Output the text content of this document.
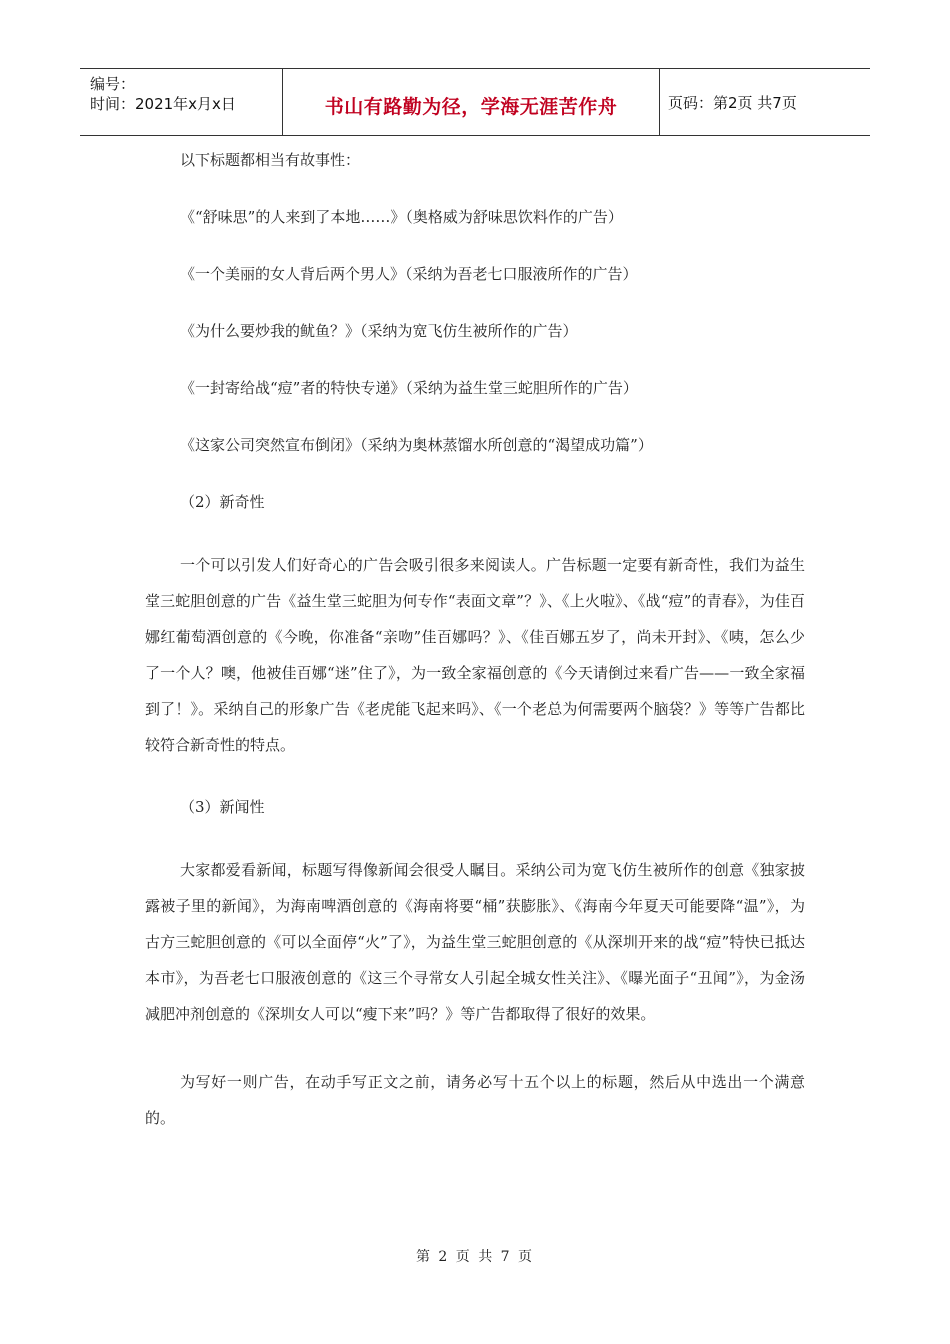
编号：
时间：2021年x月x日	书山有路勤为径，学海无涯苦作舟	页码：第2页 共7页

以下标题都相当有故事性：

《“舒味思”的人来到了本地……》（奥格威为舒味思饮料作的广告）

《一个美丽的女人背后两个男人》（采纳为吾老七口服液所作的广告）

《为什么要炒我的鱿鱼？》（采纳为宽飞仿生被所作的广告）

《一封寄给战“痘”者的特快专递》（采纳为益生堂三蛇胆所作的广告）

《这家公司突然宣布倒闭》（采纳为奥林蒸馏水所创意的“渴望成功篇”）

（2）新奇性

一个可以引发人们好奇心的广告会吸引很多来阅读人。广告标题一定要有新奇性，我们为益生堂三蛇胆创意的广告《益生堂三蛇胆为何专作“表面文章”？》、《上火啦》、《战“痘”的青春》，为佳百娜红葡萄酒创意的《今晚，你准备“亲吻”佳百娜吗？》、《佳百娜五岁了，尚未开封》、《咦，怎么少了一个人？噢，他被佳百娜“迷”住了》，为一致全家福创意的《今天请倒过来看广告——一致全家福到了！》。采纳自己的形象广告《老虎能飞起来吗》、《一个老总为何需要两个脑袋？》等等广告都比较符合新奇性的特点。

（3）新闻性

大家都爱看新闻，标题写得像新闻会很受人瞩目。采纳公司为宽飞仿生被所作的创意《独家披露被子里的新闻》，为海南啤酒创意的《海南将要“桶”获膨胀》、《海南今年夏天可能要降“温”》，为古方三蛇胆创意的《可以全面停“火”了》，为益生堂三蛇胆创意的《从深圳开来的战“痘”特快已抵达本市》，为吾老七口服液创意的《这三个寻常女人引起全城女性关注》、《曝光面子“丑闻”》，为金汤减肥冲剂创意的《深圳女人可以“瘦下来”吗？》等广告都取得了很好的效果。

为写好一则广告，在动手写正文之前，请务必写十五个以上的标题，然后从中选出一个满意的。

第 2 页 共 7 页
